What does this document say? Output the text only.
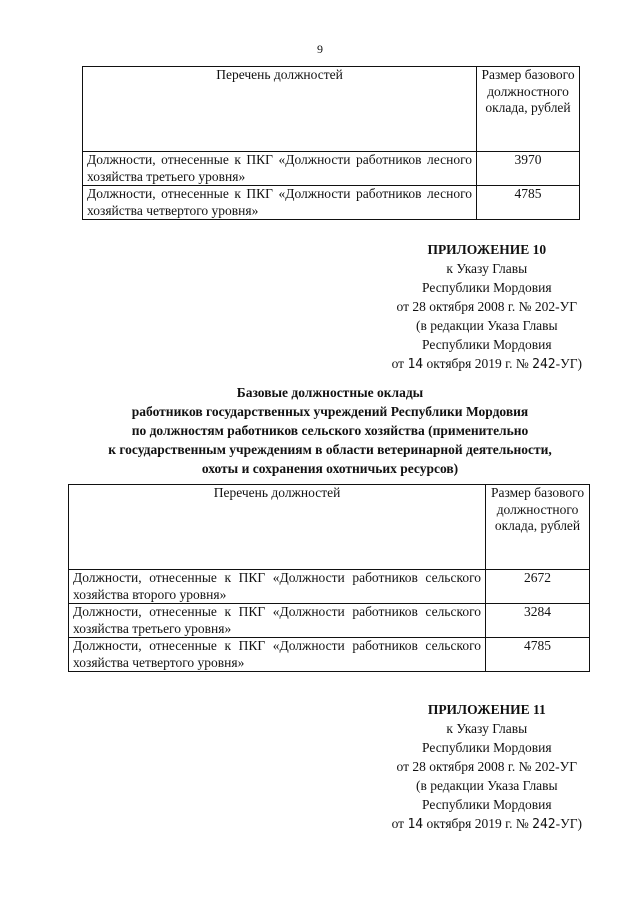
9
Перечень должностей	Размер базового должностного оклада, рублей
Должности, отнесенные к ПКГ «Должности работников лесного хозяйства третьего уровня»	3970
Должности, отнесенные к ПКГ «Должности работников лесного хозяйства четвертого уровня»	4785
ПРИЛОЖЕНИЕ 10
к Указу Главы
Республики Мордовия
от 28 октября 2008 г. № 202-УГ
(в редакции Указа Главы
Республики Мордовия
от 14 октября 2019 г. № 242-УГ)
Базовые должностные оклады
работников государственных учреждений Республики Мордовия
по должностям работников сельского хозяйства (применительно
к государственным учреждениям в области ветеринарной деятельности,
охоты и сохранения охотничьих ресурсов)
Перечень должностей	Размер базового должностного оклада, рублей
Должности, отнесенные к ПКГ «Должности работников сельского хозяйства второго уровня»	2672
Должности, отнесенные к ПКГ «Должности работников сельского хозяйства третьего уровня»	3284
Должности, отнесенные к ПКГ «Должности работников сельского хозяйства четвертого уровня»	4785
ПРИЛОЖЕНИЕ 11
к Указу Главы
Республики Мордовия
от 28 октября 2008 г. № 202-УГ
(в редакции Указа Главы
Республики Мордовия
от 14 октября 2019 г. № 242-УГ)
